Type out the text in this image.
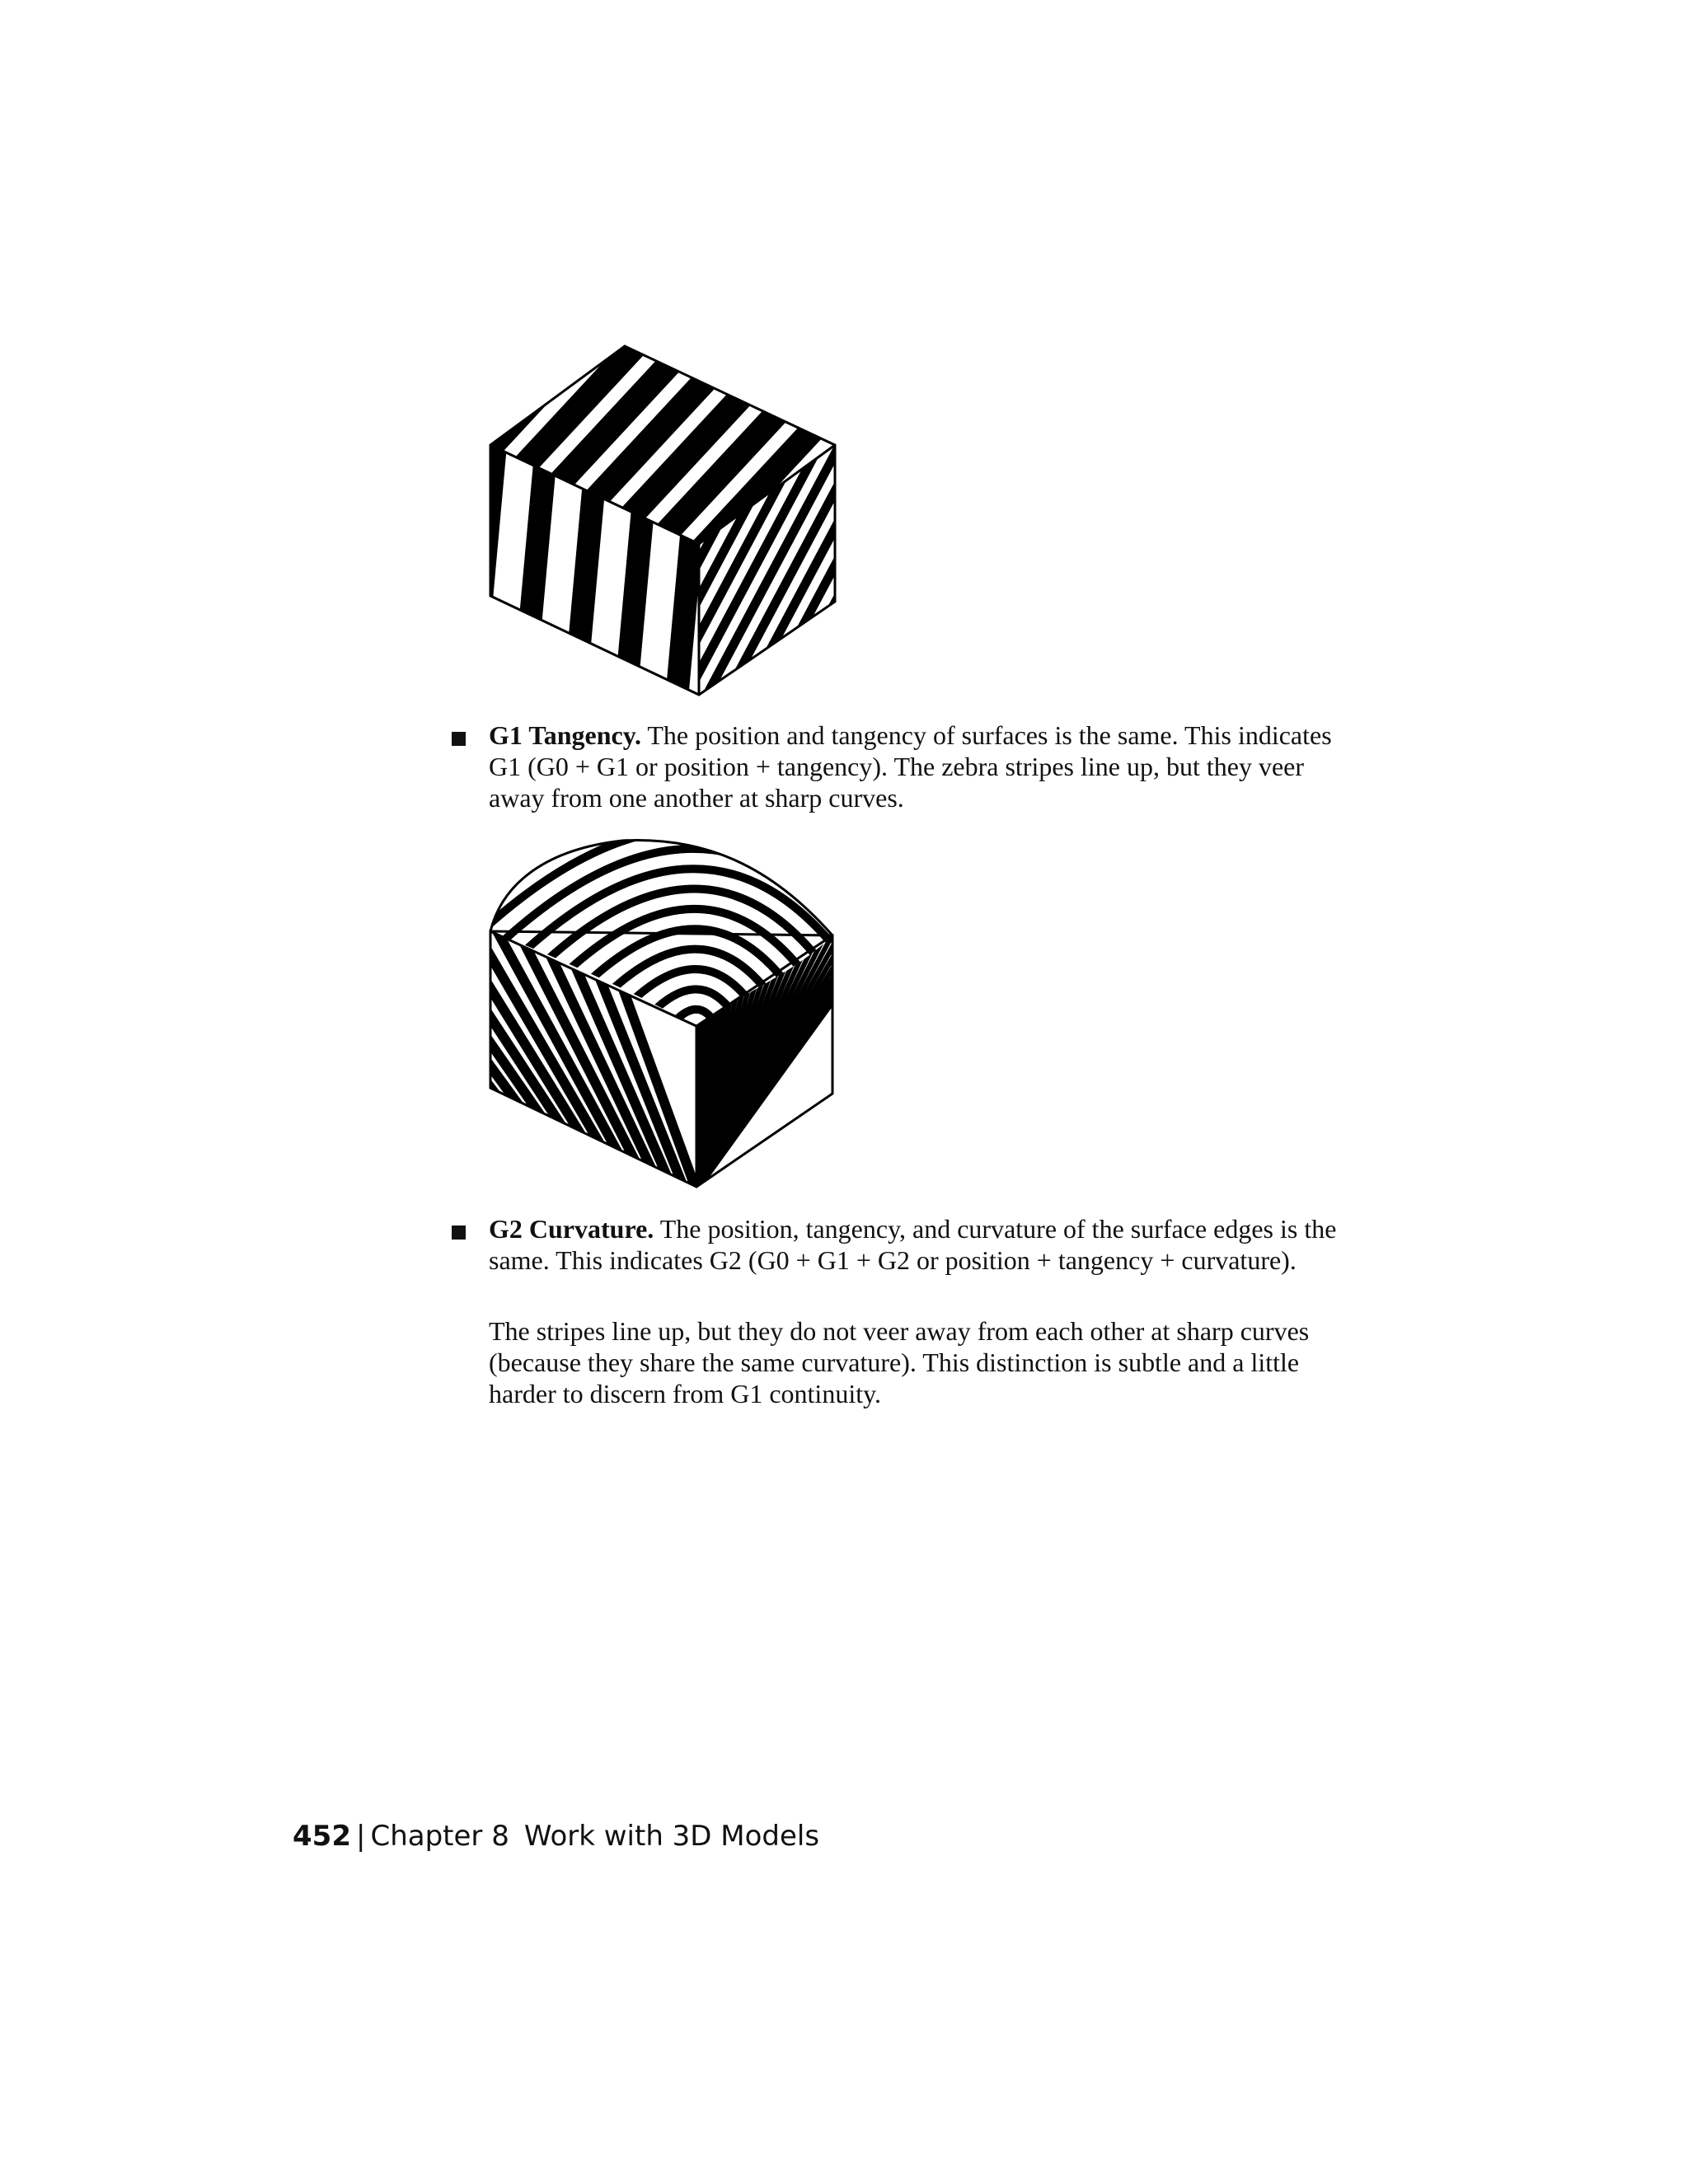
G1 Tangency. The position and tangency of surfaces is the same. This indicates G1 (G0 + G1 or position + tangency). The zebra stripes line up, but they veer away from one another at sharp curves.
G2 Curvature. The position, tangency, and curvature of the surface edges is the same. This indicates G2 (G0 + G1 + G2 or position + tangency + curvature).

The stripes line up, but they do not veer away from each other at sharp curves (because they share the same curvature). This distinction is subtle and a little harder to discern from G1 continuity.

452 | Chapter 8 Work with 3D Models
